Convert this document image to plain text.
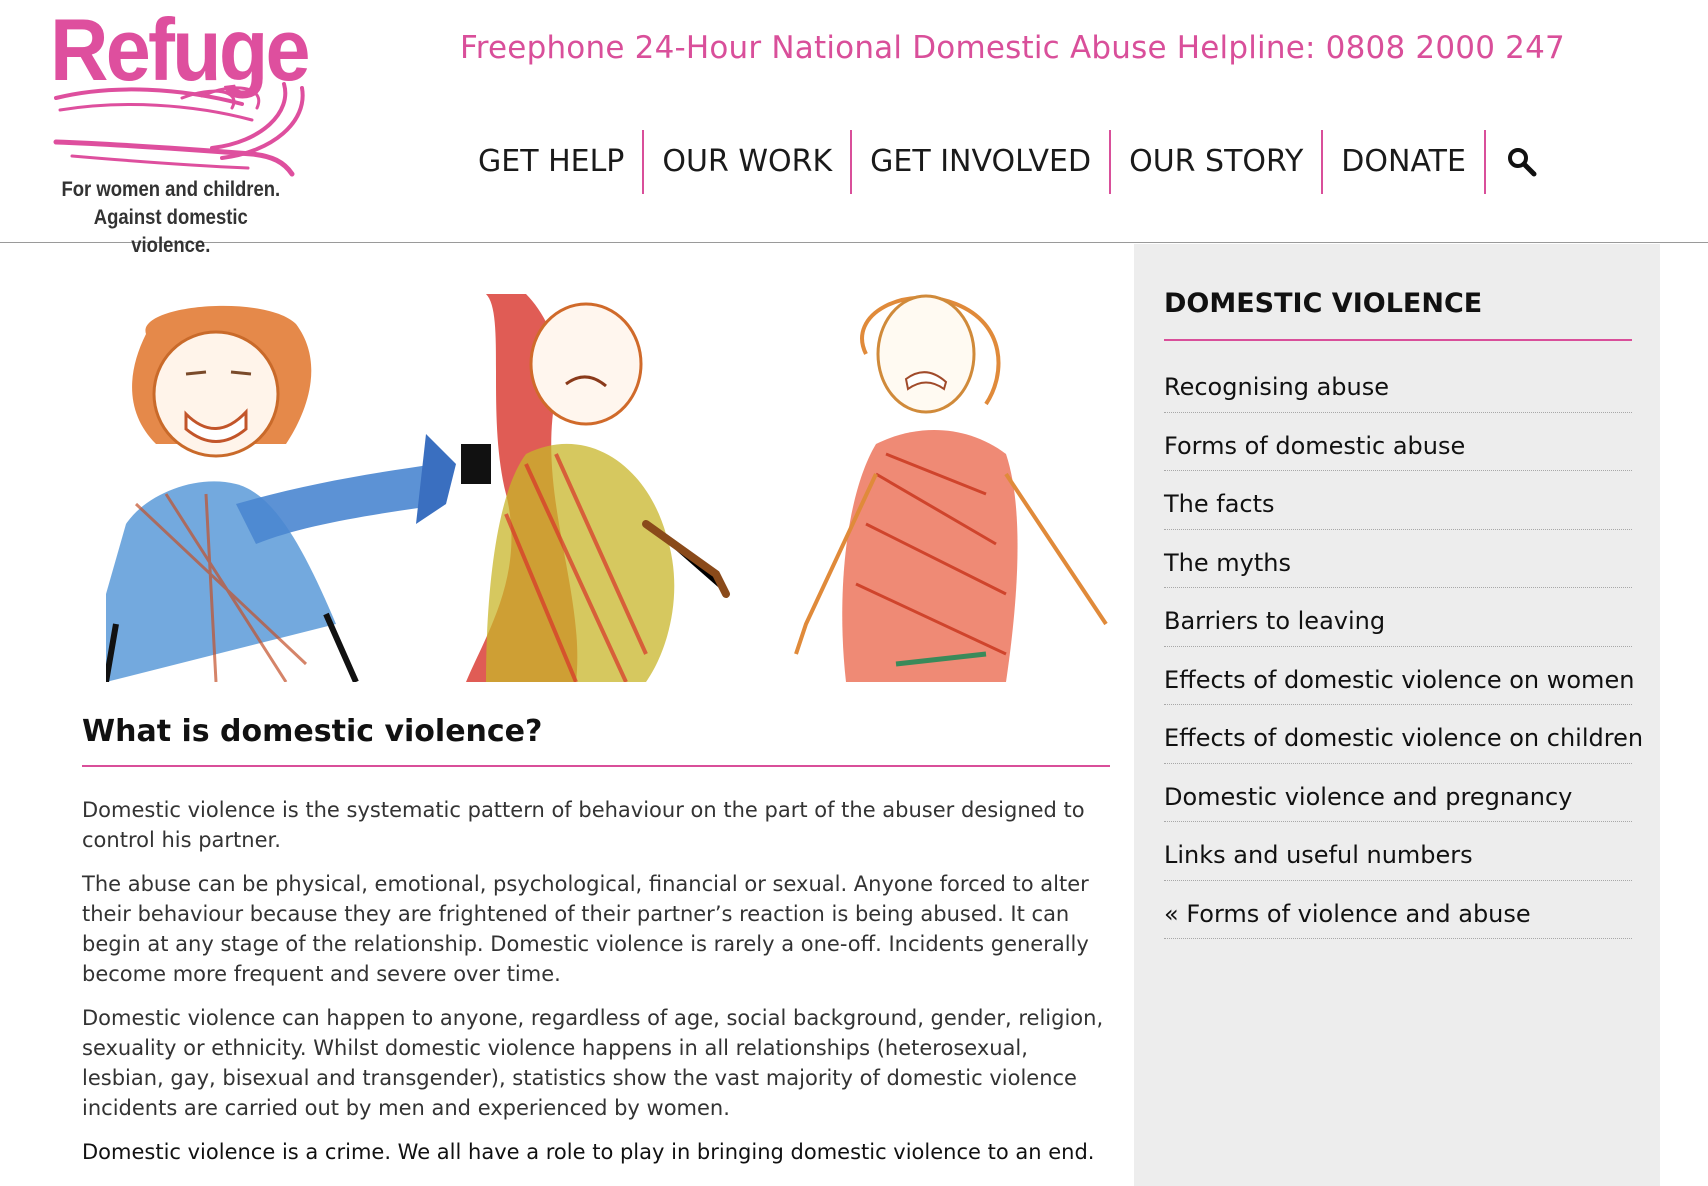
Refuge
For women and children.
Against domestic violence.
Freephone 24-Hour National Domestic Abuse Helpline: 0808 2000 247
GET HELP	OUR WORK	GET INVOLVED	OUR STORY	DONATE
What is domestic violence?

Domestic violence is the systematic pattern of behaviour on the part of the abuser designed to control his partner.

The abuse can be physical, emotional, psychological, financial or sexual. Anyone forced to alter their behaviour because they are frightened of their partner’s reaction is being abused. It can begin at any stage of the relationship. Domestic violence is rarely a one-off. Incidents generally become more frequent and severe over time.

Domestic violence can happen to anyone, regardless of age, social background, gender, religion, sexuality or ethnicity. Whilst domestic violence happens in all relationships (heterosexual, lesbian, gay, bisexual and transgender), statistics show the vast majority of domestic violence incidents are carried out by men and experienced by women.

Domestic violence is a crime. We all have a role to play in bringing domestic violence to an end.

DOMESTIC VIOLENCE
Recognising abuse
Forms of domestic abuse
The facts
The myths
Barriers to leaving
Effects of domestic violence on women
Effects of domestic violence on children
Domestic violence and pregnancy
Links and useful numbers
« Forms of violence and abuse
